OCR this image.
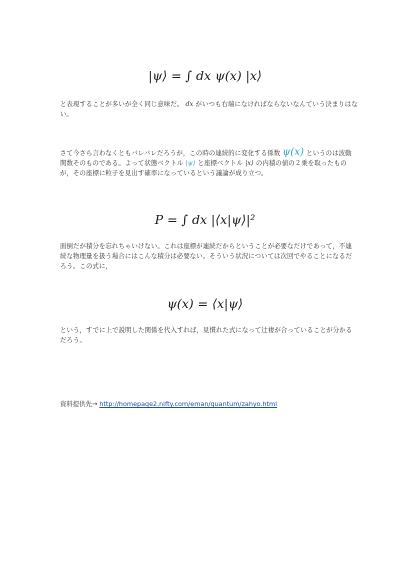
|ψ⟩ = ∫ dx ψ(x) |x⟩
と表現することが多いが全く同じ意味だ。 dx がいつも右端になければならないなんていう決まりはない。
さて今さら言わなくともバレバレだろうが，この時の連続的に変化する係数 ψ(x) というのは波動関数そのものである。よって状態ベクトル |ψ⟩ と座標ベクトル |x⟩ の内積の値の２乗を取ったものが，その座標に粒子を見出す確率になっているという議論が成り立つ。
P = ∫ dx |⟨x|ψ⟩|²
面倒だが積分を忘れちゃいけない。これは座標が連続だからということが必要なだけであって，不連続な物理量を扱う場合にはこんな積分は必要ない。そういう状況については次回でやることになるだろう。この式に，
ψ(x) = ⟨x|ψ⟩
という，すでに上で説明した関係を代入すれば，見慣れた式になって辻褄が合っていることが分かるだろう。
資料提供先→ http://homepage2.nifty.com/eman/quantum/zahyo.html
